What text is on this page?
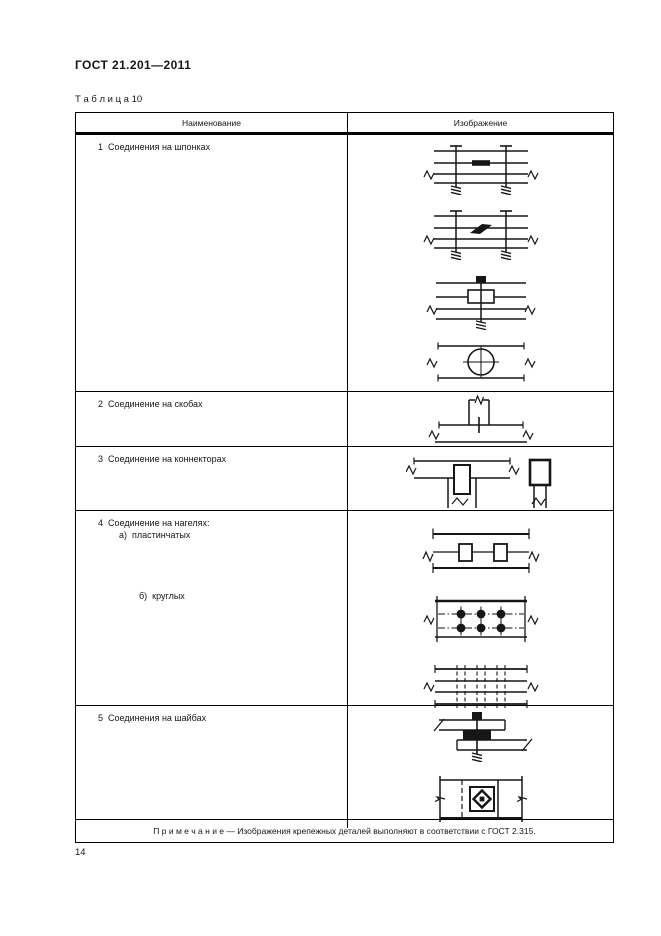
ГОСТ 21.201—2011
Т а б л и ц а 10
Наименование	Изображение
1  Соединения на шпонках
2  Соединение на скобах
3  Соединение на коннекторах
4  Соединение на нагелях:
а)  пластинчатых
б)  круглых
5  Соединения на шайбах
П р и м е ч а н и е — Изображения крепежных деталей выполняют в соответствии с ГОСТ 2.315.
14
